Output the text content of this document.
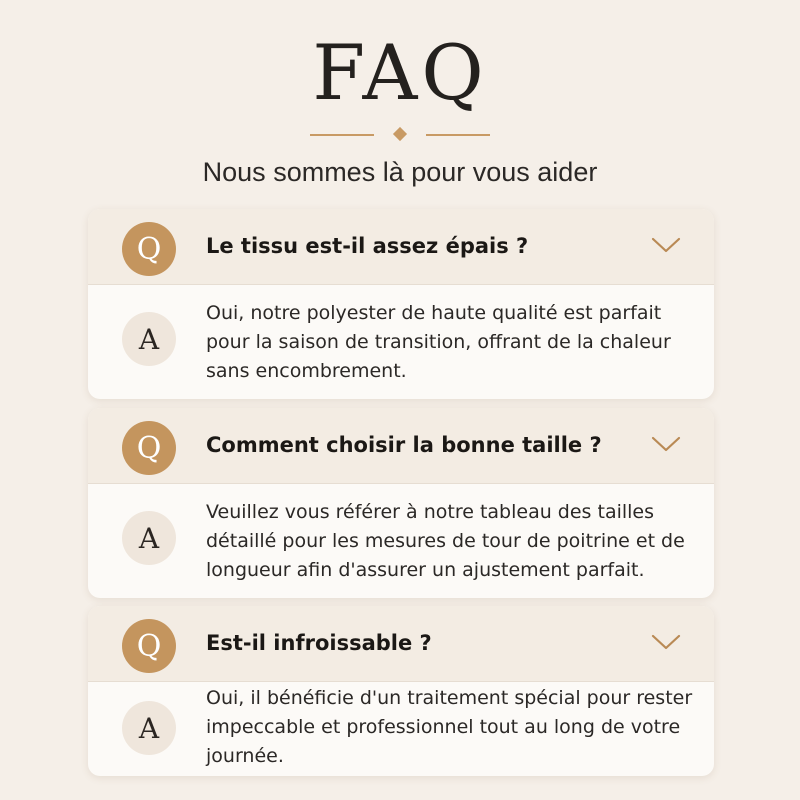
FAQ
Nous sommes là pour vous aider
Q	Le tissu est-il assez épais ?
A
Oui, notre polyester de haute qualité est parfait pour la saison de transition, offrant de la chaleur sans encombrement.
Q	Comment choisir la bonne taille ?
A
Veuillez vous référer à notre tableau des tailles détaillé pour les mesures de tour de poitrine et de longueur afin d'assurer un ajustement parfait.
Q	Est-il infroissable ?
A
Oui, il bénéficie d'un traitement spécial pour rester impeccable et professionnel tout au long de votre journée.
